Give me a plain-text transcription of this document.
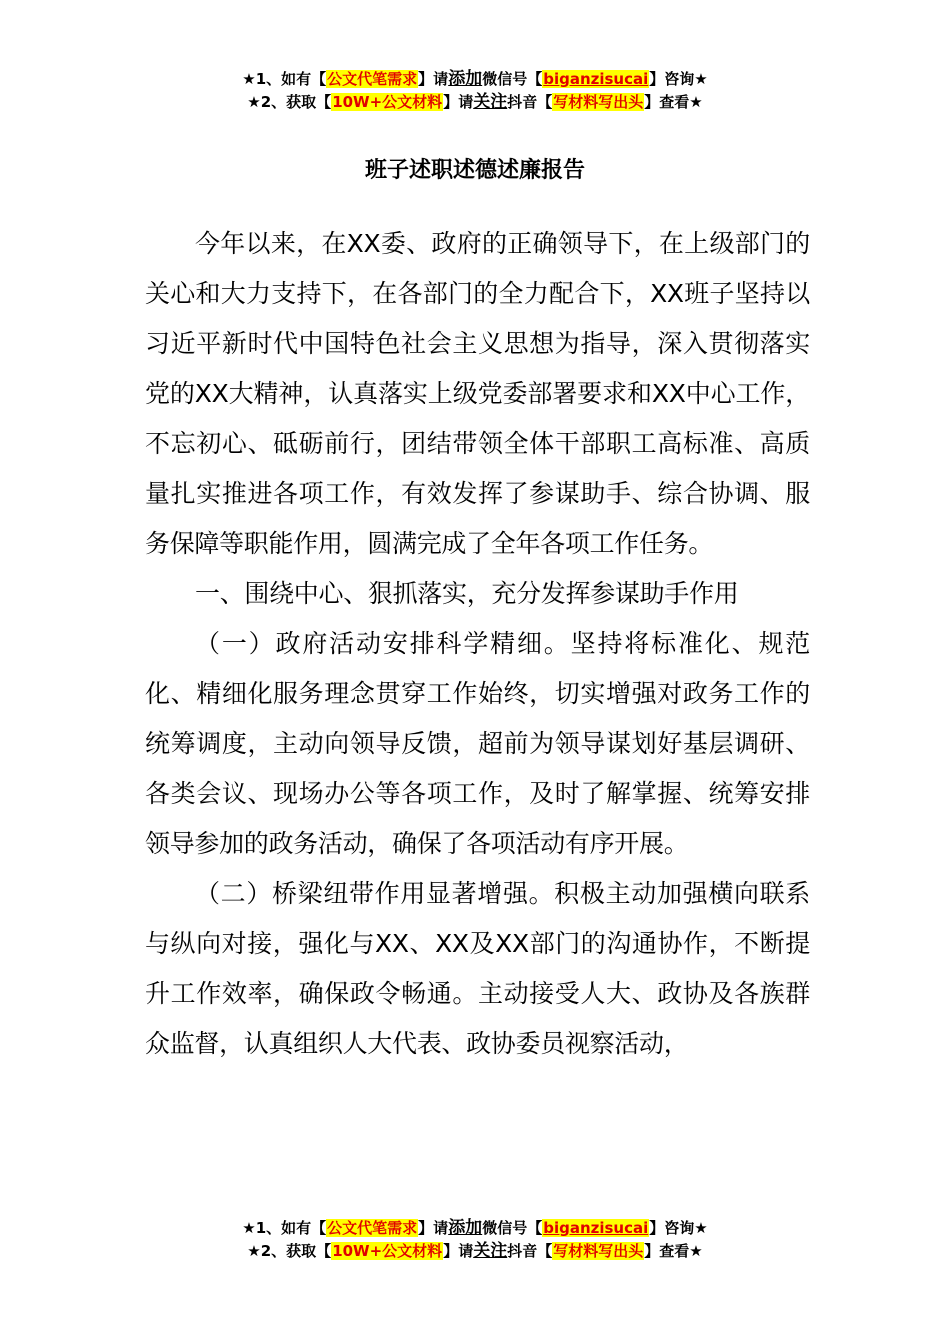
★1、如有【公文代笔需求】请添加微信号【biganzisucai】咨询★
★2、获取【10W+公文材料】请关注抖音【写材料写出头】查看★
班子述职述德述廉报告

今年以来，在XX委、政府的正确领导下，在上级部门的关心和大力支持下，在各部门的全力配合下，XX班子坚持以习近平新时代中国特色社会主义思想为指导，深入贯彻落实党的XX大精神，认真落实上级党委部署要求和XX中心工作，不忘初心、砥砺前行，团结带领全体干部职工高标准、高质量扎实推进各项工作，有效发挥了参谋助手、综合协调、服务保障等职能作用，圆满完成了全年各项工作任务。

一、围绕中心、狠抓落实，充分发挥参谋助手作用

（一）政府活动安排科学精细。坚持将标准化、规范化、精细化服务理念贯穿工作始终，切实增强对政务工作的统筹调度，主动向领导反馈，超前为领导谋划好基层调研、各类会议、现场办公等各项工作，及时了解掌握、统筹安排领导参加的政务活动，确保了各项活动有序开展。

（二）桥梁纽带作用显著增强。积极主动加强横向联系与纵向对接，强化与XX、XX及XX部门的沟通协作，不断提升工作效率，确保政令畅通。主动接受人大、政协及各族群众监督，认真组织人大代表、政协委员视察活动，

★1、如有【公文代笔需求】请添加微信号【biganzisucai】咨询★
★2、获取【10W+公文材料】请关注抖音【写材料写出头】查看★
